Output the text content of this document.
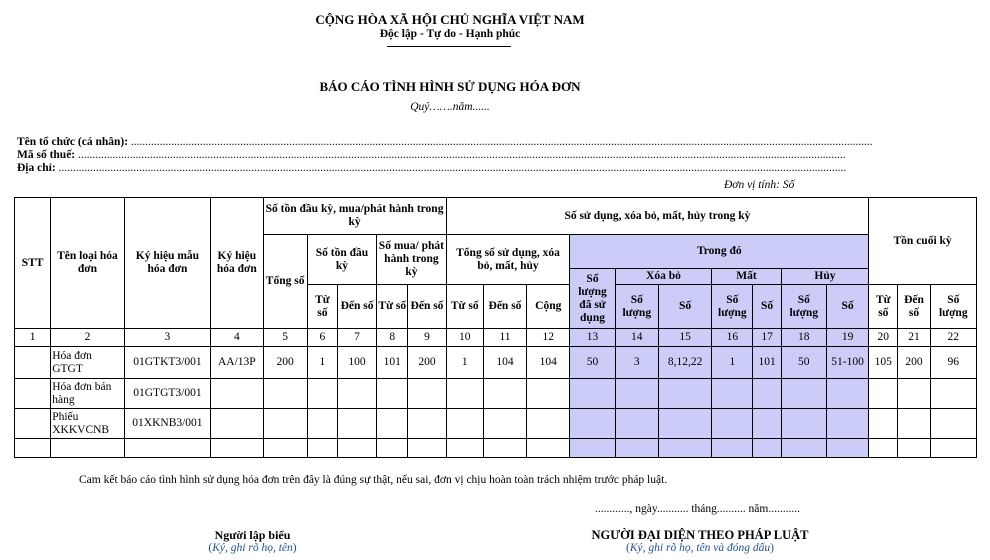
CỘNG HÒA XÃ HỘI CHỦ NGHĨA VIỆT NAM
Độc lập - Tự do - Hạnh phúc
BÁO CÁO TÌNH HÌNH SỬ DỤNG HÓA ĐƠN
Quý…….năm......
Tên tổ chức (cá nhân): ..................................................................................................................................................................................................................................................................
Mã số thuế: ...........................................................................................................................................................................................................................................................................
Địa chỉ: ..................................................................................................................................................................................................................................................................................
Đơn vị tính: Số
STT	Tên loại hóa đơn	Ký hiệu mẫu hóa đơn	Ký hiệu hóa đơn	Số tồn đầu kỳ, mua/phát hành trong kỳ					Số sử dụng, xóa bỏ, mất, hủy trong kỳ										Tồn cuối kỳ		
				Tổng số	Số tồn đầu kỳ		Số mua/ phát hành trong kỳ		Tổng số sử dụng, xóa bỏ, mất, hủy			Trong đó									
												Số lượng đã sử dụng	Xóa bỏ		Mất		Hủy				
					Từ số	Đến số	Từ số	Đến số	Từ số	Đến số	Cộng		Số lượng	Số	Số lượng	Số	Số lượng	Số	Từ số	Đến số	Số lượng
1	2	3	4	5	6	7	8	9	10	11	12	13	14	15	16	17	18	19	20	21	22
	Hóa đơn GTGT	01GTKT3/001	AA/13P	200	1	100	101	200	1	104	104	50	3	8,12,22	1	101	50	51-100	105	200	96
	Hóa đơn bán hàng	01GTGT3/001																			
	Phiếu XKKVCNB	01XKNB3/001																			

Cam kết báo cáo tình hình sử dụng hóa đơn trên đây là đúng sự thật, nếu sai, đơn vị chịu hoàn toàn trách nhiệm trước pháp luật.
............, ngày........... tháng.......... năm...........
Người lập biểu
(Ký, ghi rõ họ, tên)
NGƯỜI ĐẠI DIỆN THEO PHÁP LUẬT
(Ký, ghi rõ họ, tên và đóng dấu)
